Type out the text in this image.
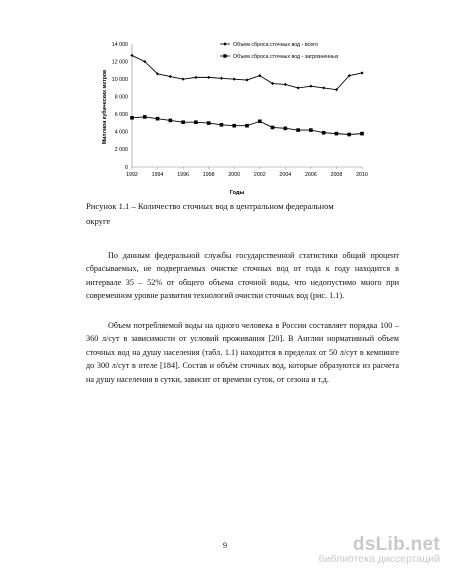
Миллион кубических метров
Годы
0
2 000
4 000
6 000
8 000
10 000
12 000
14 000
1992	1994	1996	1998	2000	2002	2004	2006	2008	2010
Объем сброса сточных вод - всего
Объем сброса сточных вод - загрязненных
Рисунок 1.1 – Количество сточных вод в центральном федеральном
округе
По данным федеральной службы государственной статистики общий процент сбрасываемых, не подвергаемых очистке сточных вод от года к году находится в интервале 35 – 52% от общего объема сточной воды, что недопустимо много при современном уровне развития технологий очистки сточных вод (рис. 1.1).
Объем потребляемой воды на одного человека в России составляет порядка 100 – 360 л/сут в зависимости от условий проживания [20]. В Англии нормативный объем сточных вод на душу населения (табл. 1.1) находится в пределах от 50 л/сут в кемпинге до 300 л/сут в отеле [184]. Состав и объём сточных вод, которые образуются из расчета на душу населения в сутки, зависит от времени суток, от сезона и т.д.
9	dsLib.net
библиотека диссертаций
